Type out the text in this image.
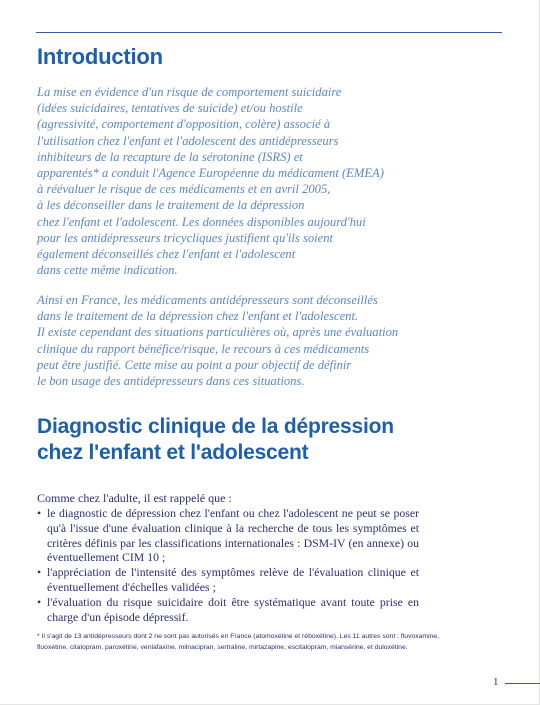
Introduction

La mise en évidence d'un risque de comportement suicidaire
(idées suicidaires, tentatives de suicide) et/ou hostile
(agressivité, comportement d'opposition, colère) associé à
l'utilisation chez l'enfant et l'adolescent des antidépresseurs
inhibiteurs de la recapture de la sérotonine (ISRS) et
apparentés* a conduit l'Agence Européenne du médicament (EMEA)
à réévaluer le risque de ces médicaments et en avril 2005,
à les déconseiller dans le traitement de la dépression
chez l'enfant et l'adolescent. Les données disponibles aujourd'hui
pour les antidépresseurs tricycliques justifient qu'ils soient
également déconseillés chez l'enfant et l'adolescent
dans cette même indication.

Ainsi en France, les médicaments antidépresseurs sont déconseillés
dans le traitement de la dépression chez l'enfant et l'adolescent.
Il existe cependant des situations particulières où, après une évaluation
clinique du rapport bénéfice/risque, le recours à ces médicaments
peut être justifié. Cette mise au point a pour objectif de définir
le bon usage des antidépresseurs dans ces situations.

Diagnostic clinique de la dépression
chez l'enfant et l'adolescent

Comme chez l'adulte, il est rappelé que :

• le diagnostic de dépression chez l'enfant ou chez l'adolescent ne peut se poser qu'à l'issue d'une évaluation clinique à la recherche de tous les symptômes et critères définis par les classifications internationales : DSM-IV (en annexe) ou éventuellement CIM 10 ;
• l'appréciation de l'intensité des symptômes relève de l'évaluation clinique et éventuellement d'échelles validées ;
• l'évaluation du risque suicidaire doit être systématique avant toute prise en charge d'un épisode dépressif.

* Il s'agit de 13 antidépresseurs dont 2 ne sont pas autorisés en France (atomoxétine et réboxétine). Les 11 autres sont : fluvoxamine, fluoxétine, citalopram, paroxétine, venlafaxine, milnacipran, sertraline, mirtazapine, escitalopram, miansérine, et duloxétine.

1
